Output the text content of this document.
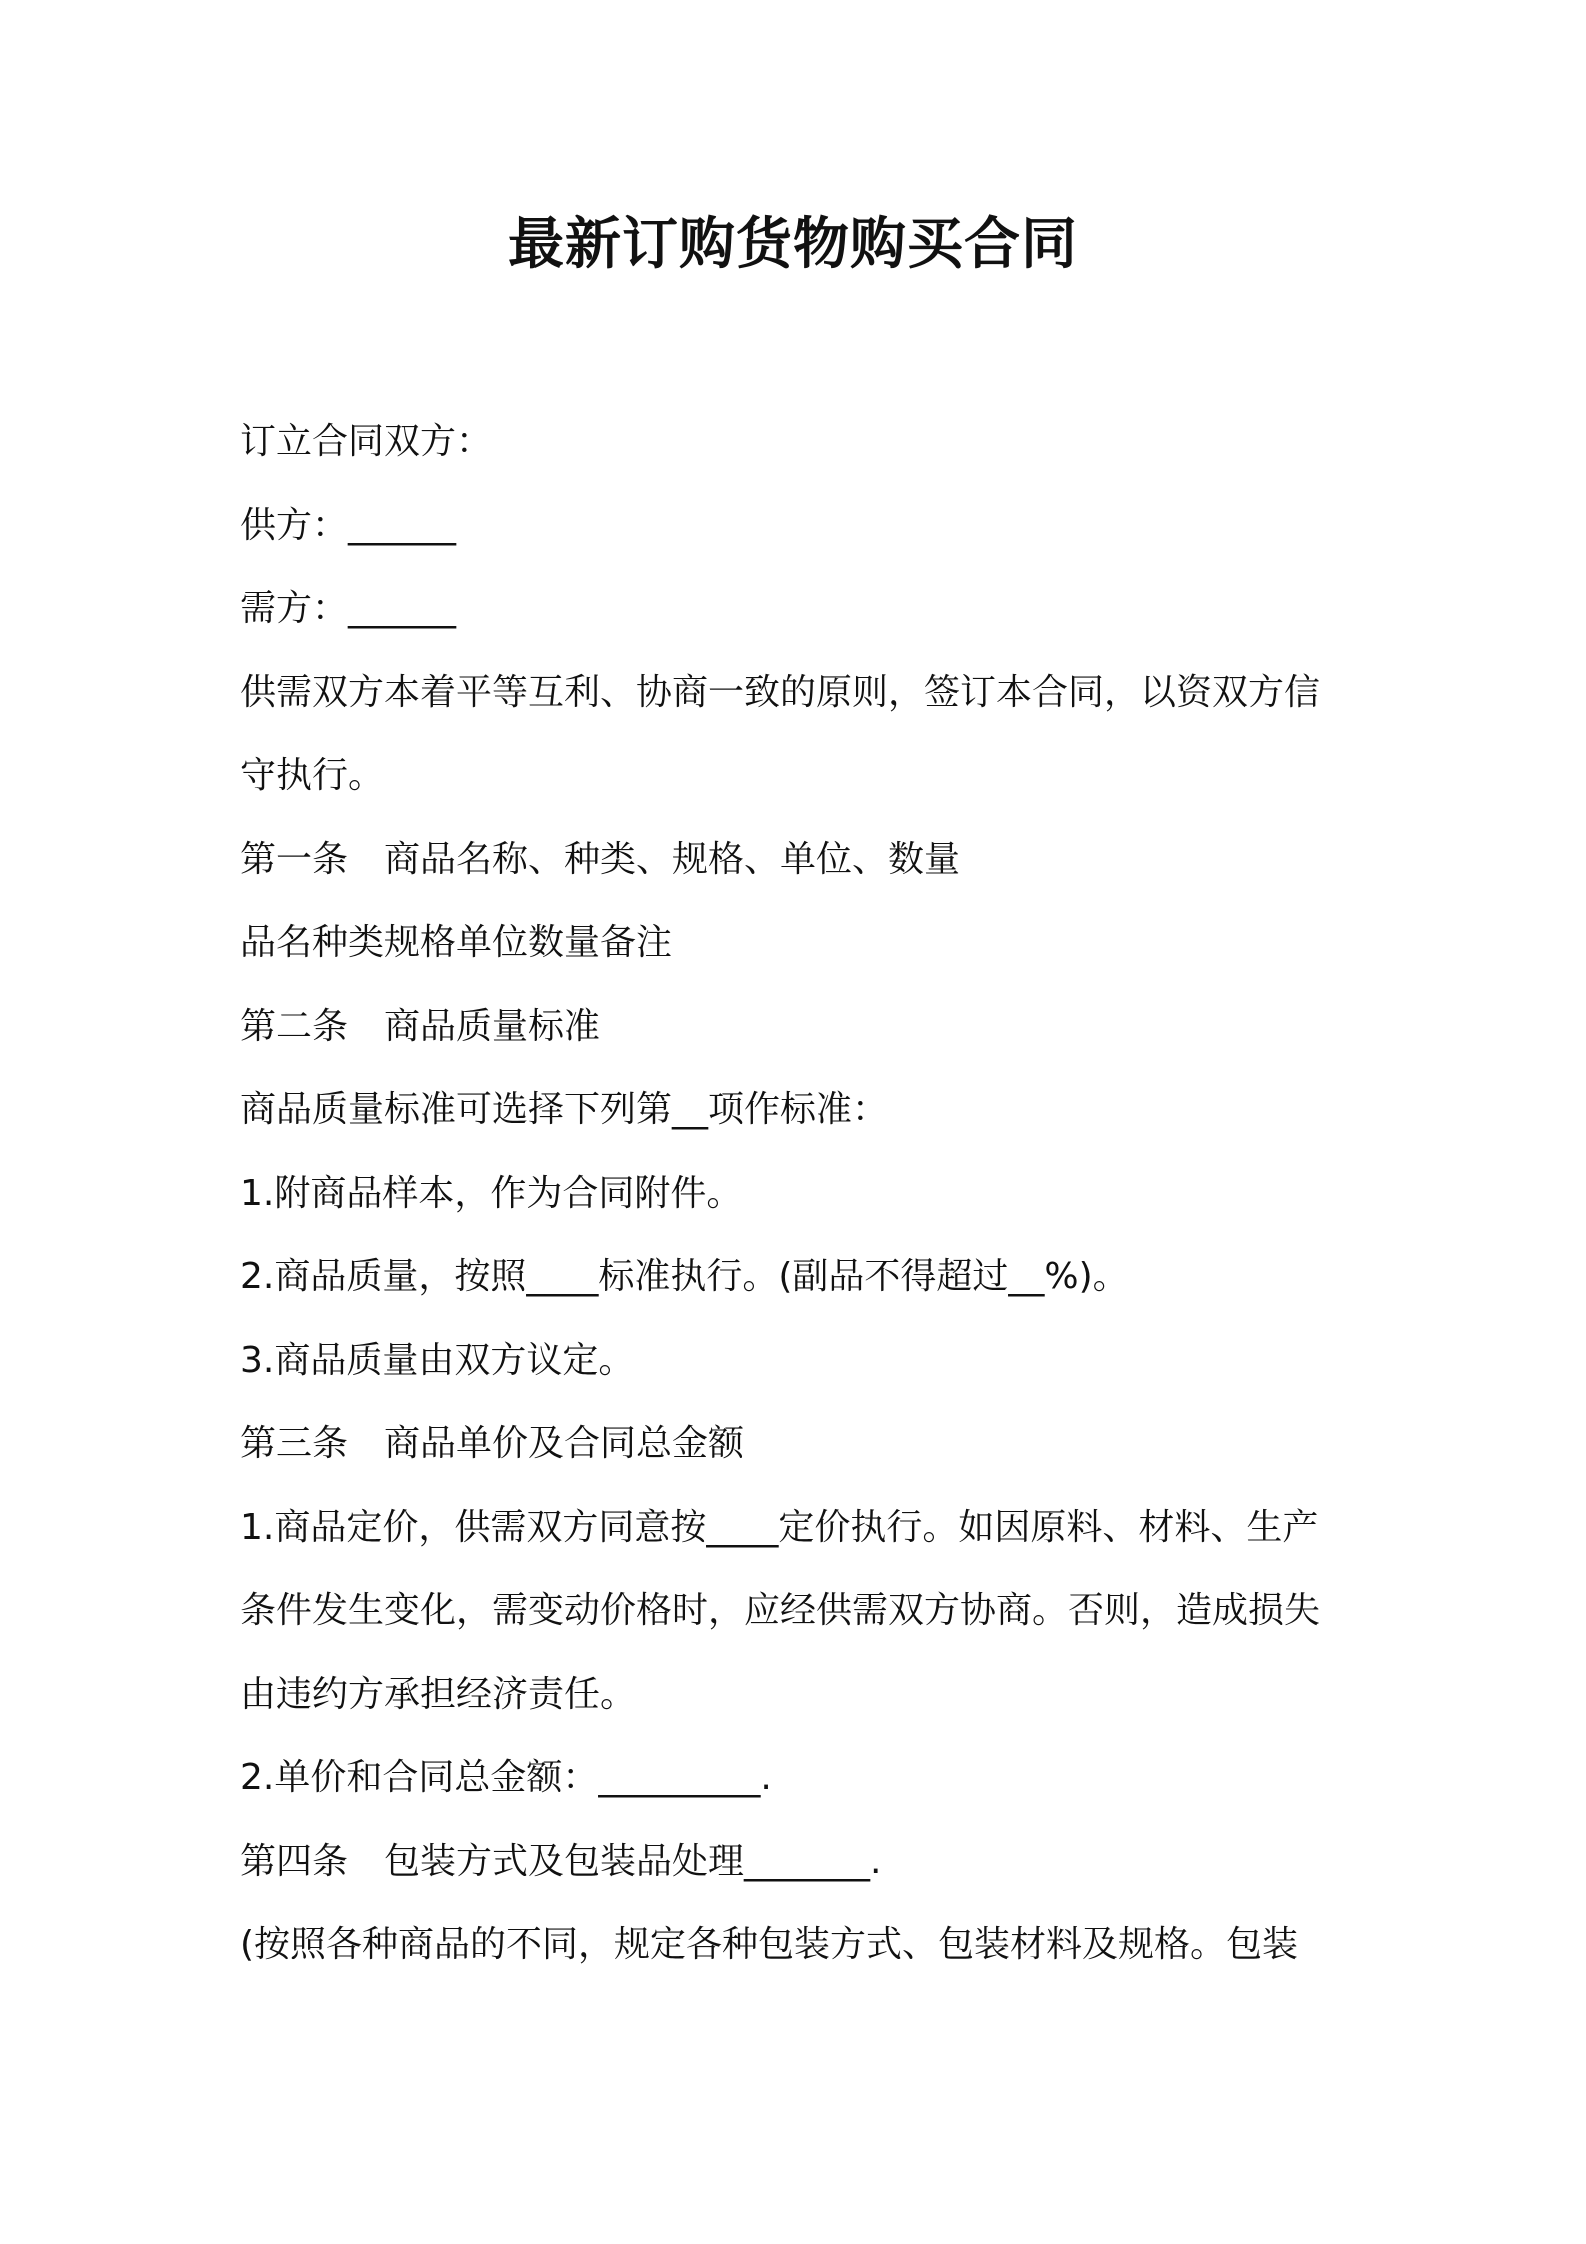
最新订购货物购买合同

订立合同双方：

供方：______

需方：______

供需双方本着平等互利、协商一致的原则，签订本合同，以资双方信

守执行。

第一条　商品名称、种类、规格、单位、数量

品名种类规格单位数量备注

第二条　商品质量标准

商品质量标准可选择下列第__项作标准：

1.附商品样本，作为合同附件。

2.商品质量，按照____标准执行。(副品不得超过__%)。

3.商品质量由双方议定。

第三条　商品单价及合同总金额

1.商品定价，供需双方同意按____定价执行。如因原料、材料、生产

条件发生变化，需变动价格时，应经供需双方协商。否则，造成损失

由违约方承担经济责任。

2.单价和合同总金额：_________.

第四条　包装方式及包装品处理_______.

(按照各种商品的不同，规定各种包装方式、包装材料及规格。包装
